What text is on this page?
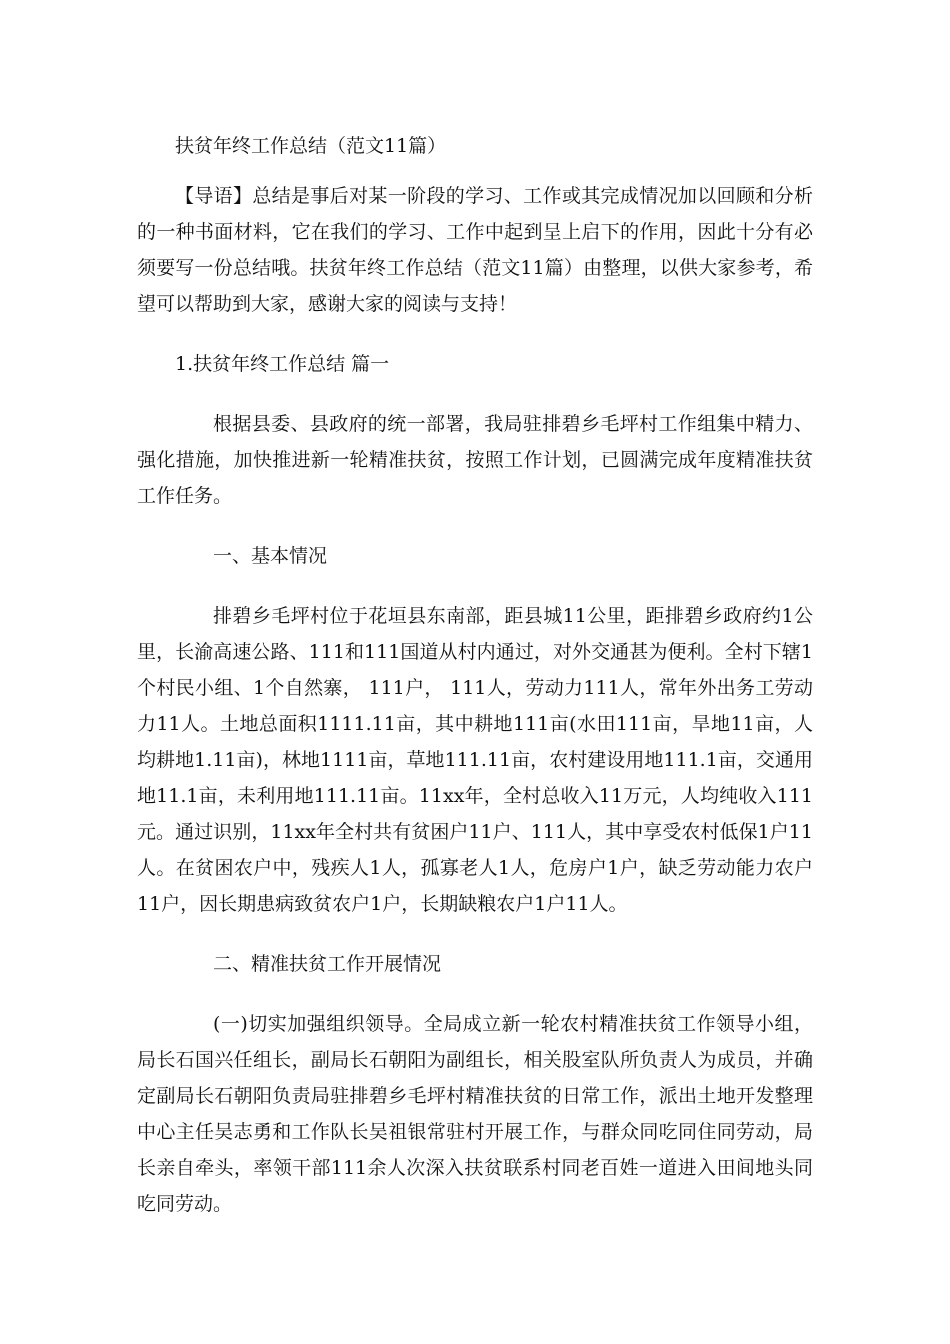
扶贫年终工作总结（范文11篇）

【导语】总结是事后对某一阶段的学习、工作或其完成情况加以回顾和分析的一种书面材料，它在我们的学习、工作中起到呈上启下的作用，因此十分有必须要写一份总结哦。扶贫年终工作总结（范文11篇）由整理，以供大家参考，希望可以帮助到大家，感谢大家的阅读与支持！

1.扶贫年终工作总结 篇一

根据县委、县政府的统一部署，我局驻排碧乡毛坪村工作组集中精力、强化措施，加快推进新一轮精准扶贫，按照工作计划，已圆满完成年度精准扶贫工作任务。

一、基本情况

排碧乡毛坪村位于花垣县东南部，距县城11公里，距排碧乡政府约1公里，长渝高速公路、111和111国道从村内通过，对外交通甚为便利。全村下辖1个村民小组、1个自然寨， 111户， 111人，劳动力111人，常年外出务工劳动力11人。土地总面积1111.11亩，其中耕地111亩(水田111亩，旱地11亩，人均耕地1.11亩)，林地1111亩，草地111.11亩，农村建设用地111.1亩，交通用地11.1亩，未利用地111.11亩。11xx年，全村总收入11万元，人均纯收入111元。通过识别，11xx年全村共有贫困户11户、111人，其中享受农村低保1户11人。在贫困农户中，残疾人1人，孤寡老人1人，危房户1户，缺乏劳动能力农户11户，因长期患病致贫农户1户，长期缺粮农户1户11人。

二、精准扶贫工作开展情况

(一)切实加强组织领导。全局成立新一轮农村精准扶贫工作领导小组，局长石国兴任组长，副局长石朝阳为副组长，相关股室队所负责人为成员，并确定副局长石朝阳负责局驻排碧乡毛坪村精准扶贫的日常工作，派出土地开发整理中心主任吴志勇和工作队长吴祖银常驻村开展工作，与群众同吃同住同劳动，局长亲自牵头，率领干部111余人次深入扶贫联系村同老百姓一道进入田间地头同吃同劳动。
